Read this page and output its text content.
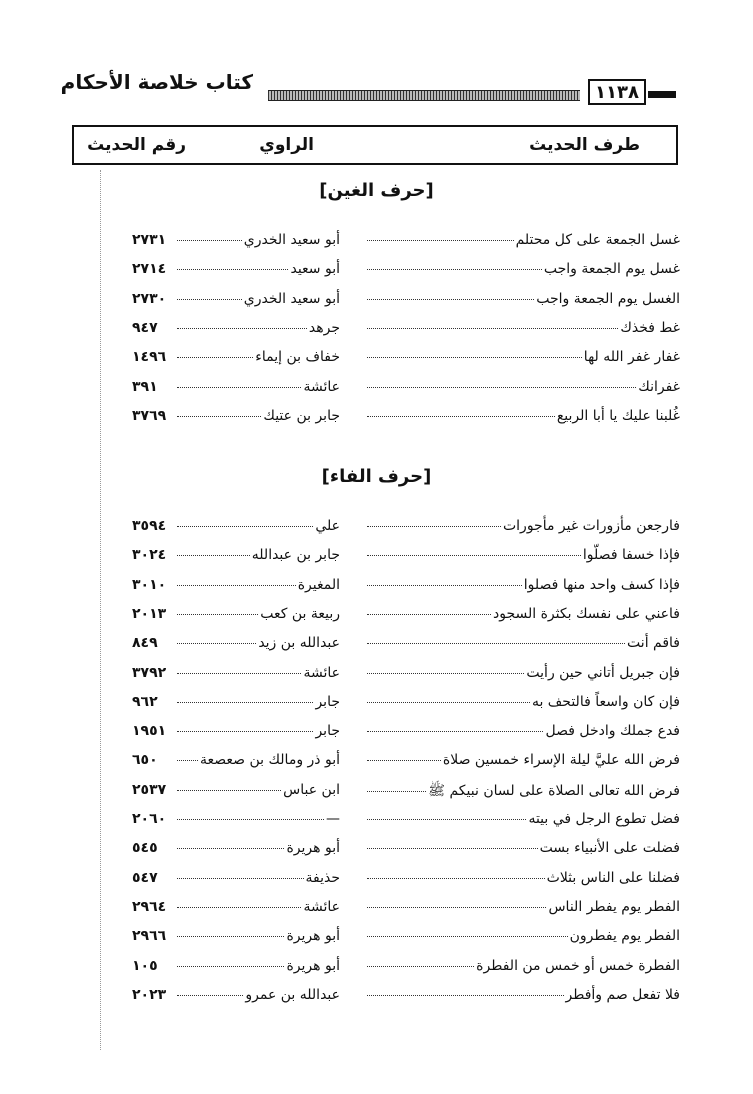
كتاب خلاصة الأحكام	١١٣٨
طرف الحديث
الراوي
رقم الحديث
[حرف الغين]
[حرف الفاء]
غسل الجمعة على كل محتلم
أبو سعيد الخدري
٢٧٣١
غسل يوم الجمعة واجب
أبو سعيد
٢٧١٤
الغسل يوم الجمعة واجب
أبو سعيد الخدري
٢٧٣٠
غط فخذك
جرهد
٩٤٧
غفار غفر الله لها
خفاف بن إيماء
١٤٩٦
غفرانك
عائشة
٣٩١
غُلبنا عليك يا أبا الربيع
جابر بن عتيك
٣٧٦٩
فارجعن مأزورات غير مأجورات
علي
٣٥٩٤
فإذا خسفا فصلّوا
جابر بن عبدالله
٣٠٢٤
فإذا كسف واحد منها فصلوا
المغيرة
٣٠١٠
فاعني على نفسك بكثرة السجود
ربيعة بن كعب
٢٠١٣
فاقم أنت
عبدالله بن زيد
٨٤٩
فإن جبريل أتاني حين رأيت
عائشة
٣٧٩٢
فإن كان واسعاً فالتحف به
جابر
٩٦٢
فدع جملك وادخل فصل
جابر
١٩٥١
فرض الله عليَّ ليلة الإسراء خمسين صلاة
أبو ذر ومالك بن صعصعة
٦٥٠
فرض الله تعالى الصلاة على لسان نبيكم ﷺ
ابن عباس
٢٥٣٧
فضل تطوع الرجل في بيته
—
٢٠٦٠
فضلت على الأنبياء بست
أبو هريرة
٥٤٥
فضلنا على الناس بثلاث
حذيفة
٥٤٧
الفطر يوم يفطر الناس
عائشة
٢٩٦٤
الفطر يوم يفطرون
أبو هريرة
٢٩٦٦
الفطرة خمس أو خمس من الفطرة
أبو هريرة
١٠٥
فلا تفعل صم وأفطر
عبدالله بن عمرو
٢٠٢٣
